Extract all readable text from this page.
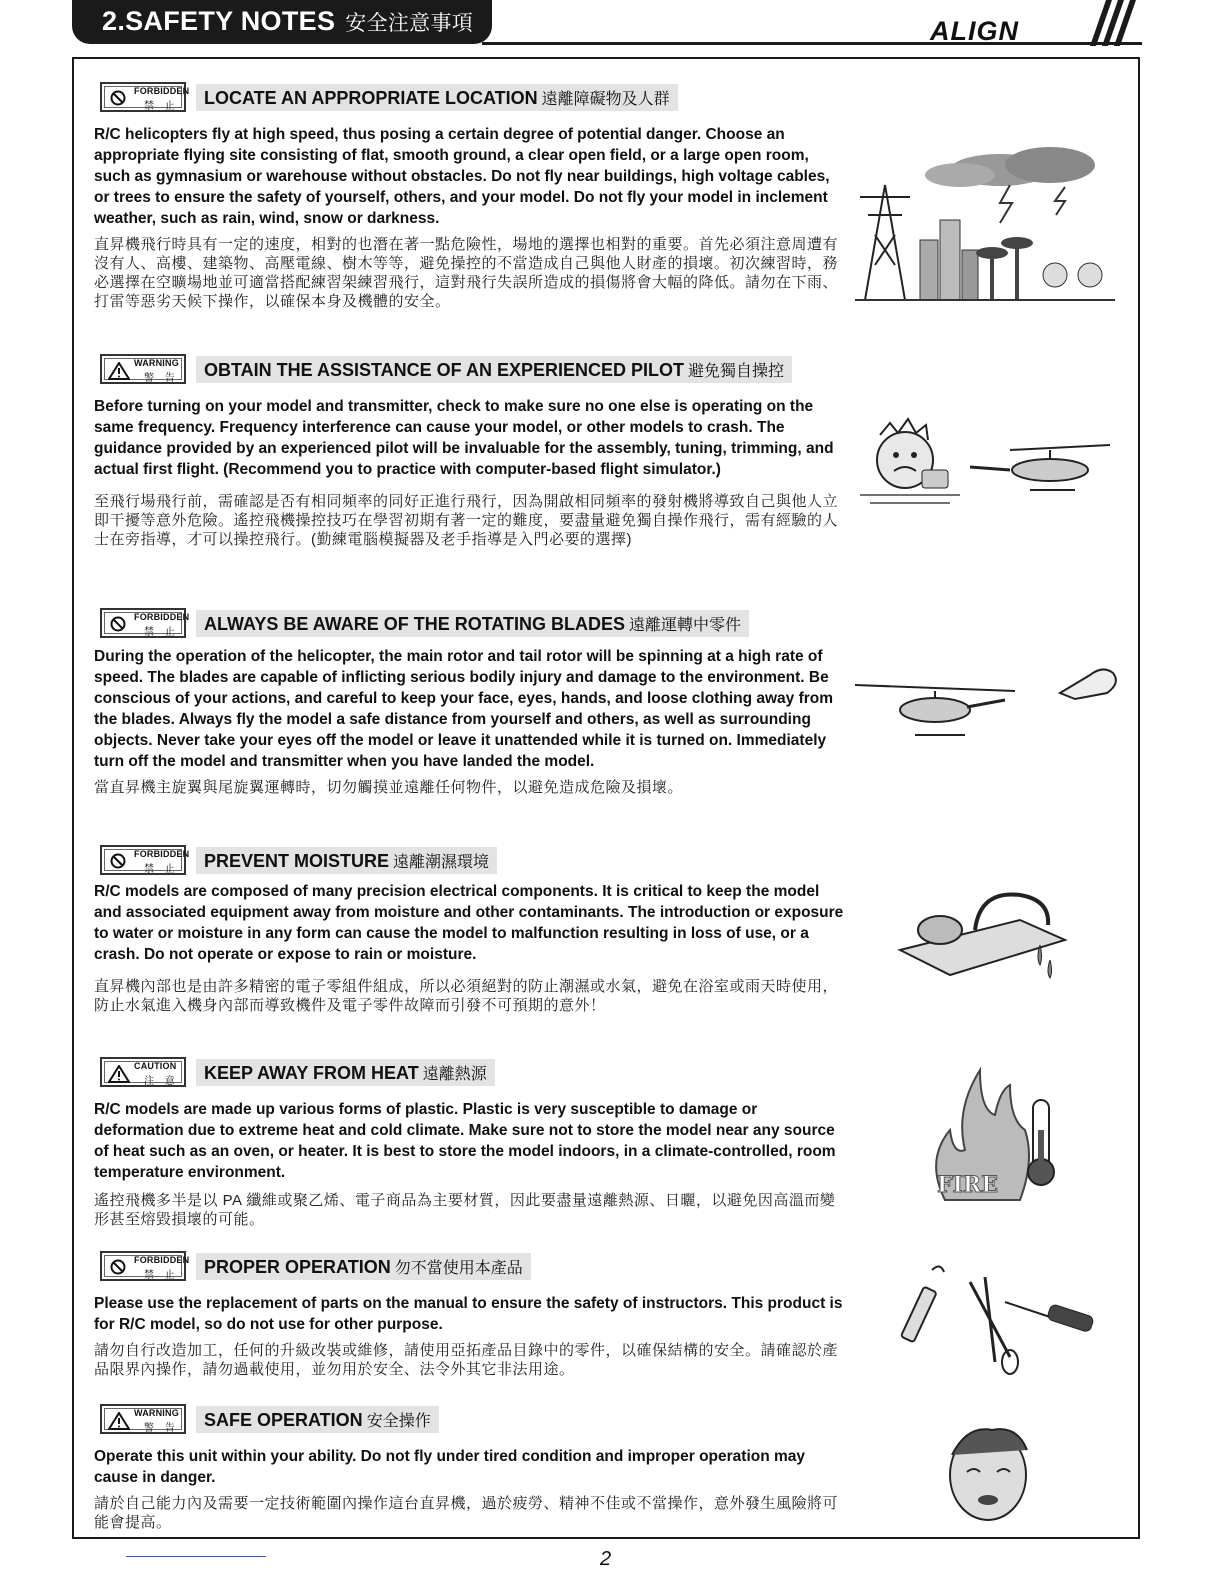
2.SAFETY NOTES 安全注意事項	ALIGN
FORBIDDEN
禁 止 LOCATE AN APPROPRIATE LOCATION 遠離障礙物及人群
R/C helicopters fly at high speed, thus posing a certain degree of potential danger. Choose an appropriate flying site consisting of flat, smooth ground, a clear open field, or a large open room, such as gymnasium or warehouse without obstacles. Do not fly near buildings, high voltage cables, or trees to ensure the safety of yourself, others, and your model. Do not fly your model in inclement weather, such as rain, wind, snow or darkness.
直昇機飛行時具有一定的速度，相對的也潛在著一點危險性，場地的選擇也相對的重要。首先必須注意周遭有沒有人、高樓、建築物、高壓電線、樹木等等，避免操控的不當造成自己與他人財產的損壞。初次練習時，務必選擇在空曠場地並可適當搭配練習架練習飛行，這對飛行失誤所造成的損傷將會大幅的降低。請勿在下雨、打雷等惡劣天候下操作，以確保本身及機體的安全。
WARNING
警 告 OBTAIN THE ASSISTANCE OF AN EXPERIENCED PILOT 避免獨自操控
Before turning on your model and transmitter, check to make sure no one else is operating on the same frequency. Frequency interference can cause your model, or other models to crash. The guidance provided by an experienced pilot will be invaluable for the assembly, tuning, trimming, and actual first flight. (Recommend you to practice with computer-based flight simulator.)
至飛行場飛行前，需確認是否有相同頻率的同好正進行飛行，因為開啟相同頻率的發射機將導致自己與他人立即干擾等意外危險。遙控飛機操控技巧在學習初期有著一定的難度，要盡量避免獨自操作飛行，需有經驗的人士在旁指導，才可以操控飛行。(勤練電腦模擬器及老手指導是入門必要的選擇)
FORBIDDEN
禁 止 ALWAYS BE AWARE OF THE ROTATING BLADES 遠離運轉中零件
During the operation of the helicopter, the main rotor and tail rotor will be spinning at a high rate of speed. The blades are capable of inflicting serious bodily injury and damage to the environment. Be conscious of your actions, and careful to keep your face, eyes, hands, and loose clothing away from the blades. Always fly the model a safe distance from yourself and others, as well as surrounding objects. Never take your eyes off the model or leave it unattended while it is turned on. Immediately turn off the model and transmitter when you have landed the model.
當直昇機主旋翼與尾旋翼運轉時，切勿觸摸並遠離任何物件，以避免造成危險及損壞。
FORBIDDEN
禁 止 PREVENT MOISTURE 遠離潮濕環境
R/C models are composed of many precision electrical components. It is critical to keep the model and associated equipment away from moisture and other contaminants. The introduction or exposure to water or moisture in any form can cause the model to malfunction resulting in loss of use, or a crash. Do not operate or expose to rain or moisture.
直昇機內部也是由許多精密的電子零組件組成，所以必須絕對的防止潮濕或水氣，避免在浴室或雨天時使用，防止水氣進入機身內部而導致機件及電子零件故障而引發不可預期的意外！
CAUTION
注 意 KEEP AWAY FROM HEAT 遠離熱源
R/C models are made up various forms of plastic. Plastic is very susceptible to damage or deformation due to extreme heat and cold climate. Make sure not to store the model near any source of heat such as an oven, or heater. It is best to store the model indoors, in a climate-controlled, room temperature environment.
遙控飛機多半是以 PA 纖維或聚乙烯、電子商品為主要材質，因此要盡量遠離熱源、日曬，以避免因高溫而變形甚至熔毀損壞的可能。
FIRE
FORBIDDEN
禁 止 PROPER OPERATION 勿不當使用本產品
Please use the replacement of parts on the manual to ensure the safety of instructors. This product is for R/C model, so do not use for other purpose.
請勿自行改造加工，任何的升級改裝或維修，請使用亞拓產品目錄中的零件，以確保結構的安全。請確認於產品限界內操作，請勿過載使用，並勿用於安全、法令外其它非法用途。
WARNING
警 告 SAFE OPERATION 安全操作
Operate this unit within your ability. Do not fly under tired condition and improper operation may cause in danger.
請於自己能力內及需要一定技術範圍內操作這台直昇機，過於疲勞、精神不佳或不當操作，意外發生風險將可能會提高。
2
